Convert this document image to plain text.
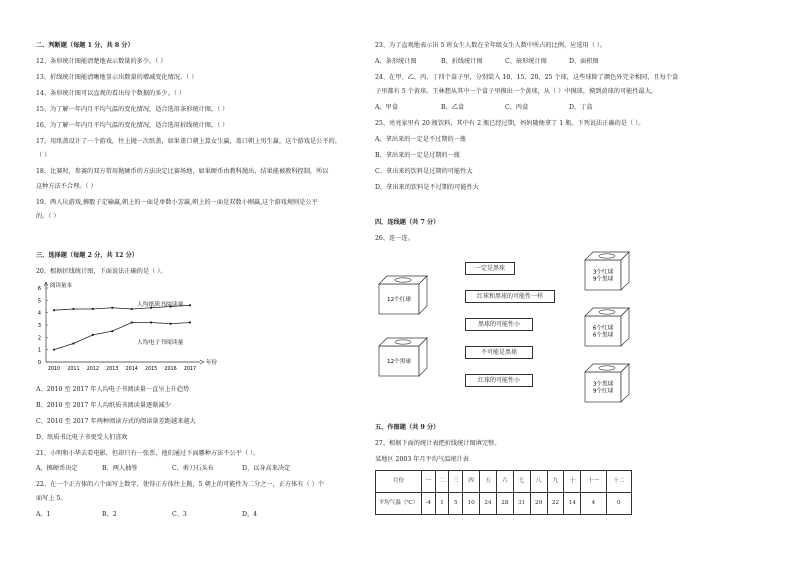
二、判断题（每题 1 分，共 8 分）
12、条形统计图能清楚地表示数量的多少。（ ）
13、折线统计图能清晰地显示出数量的增减变化情况。（ ）
14、条形统计图可以直观的看出每个数据的多少。（ ）
15、为了解一年内月平均气温的变化情况，适合选用条形统计图。（ ）
16、为了解一年内月平均气温的变化情况，适合选用折线统计图。（ ）
17、用纸盖设计了一个游戏，往上抛一次纸盖，如果盖口朝上算女生赢，盖口朝上男生赢，这个游戏是公平的。
（ ）
18、比赛时，参赛的双方常用抛硬币的方法决定比赛场地，如果硬币由教科抛出，结果能被教科控制，所以
这种方法不合理。（ ）
19、两人玩游戏,掷骰子定输赢,朝上的一面是单数小芳赢,朝上的一面是双数小刚赢,这个游戏规则是公平
的。（ ）
三、选择题（每题 2 分，共 12 分）
20、根据折线统计图，下面说法正确的是（ ）。
阅读量本
年份
0
1
2
3
4
5
6
2010 2011 2012 2013 2014 2015 2016 2017
人均纸质书阅读量
人均电子书阅读量
A、2010 至 2017 年人均电子书阅读量一直呈上升趋势
B、2010 至 2017 年人均纸质书阅读量逐渐减少
C、2010 至 2017 年两种阅读方式的阅读量差距越来越大
D、纸质书比电子书更受人们喜欢
21、小明和小华去看电影，但却只有一张票，他们通过下面哪种方法不公平（ ）。
A、掷硬币决定	B、两人抽签	C、剪刀石头布	D、以身高来决定
22、在一个正方体的六个面写上数字，使得正方体往上抛，5 朝上的可能性为二分之一，正方体有（ ）个
面写上 5。
A、1	B、2	C、3	D、4
23、为了直观地表示出 5 班女生人数在全年级女生人数中所占的比例，应选用（ ）。
A、条形统计图	B、折线统计图	C、扇形统计图	D、面积图
24、在甲、乙、丙、丁四个盒子里，分别装入 10、15、20、25 个球，这些球除了颜色外完全相同，且每个盒
子里都有 5 个黄球。王林想从其中一个盒子里摸出一个黄球，从（ ）中摸球，摸到黄球的可能性最大。
A、甲盒	B、乙盒	C、丙盒	D、丁盒
25、亮亮家里有 20 瓶饮料，其中有 2 瓶已经过期，妈妈随便拿了 1 瓶。下列说法正确的是（ ）。
A、拿出来的一定是不过期的一瓶
B、拿出来的一定是过期的一瓶
C、拿出来的饮料是过期的可能性大
D、拿出来的饮料是不过期的可能性大
四、连线题（共 7 分）
26、连一连。
12个红球
12个黑球
3个红球
9个黑球
6个红球
6个黑球
3个黑球
9个红球
一定是黑球
红球和黑球的可能性一样
黑球的可能性小
不可能是黑球
红球的可能性小
五、作图题（共 9 分）
27、根据下面的统计表把折线统计图填完整。
某地区 2003 年月平均气温统计表
月份	一	二	三	四	五	六	七	八	九	十	十一	十二
平均气温（℃）	-4	1	5	10	24	28	31	29	22	14	4	0
